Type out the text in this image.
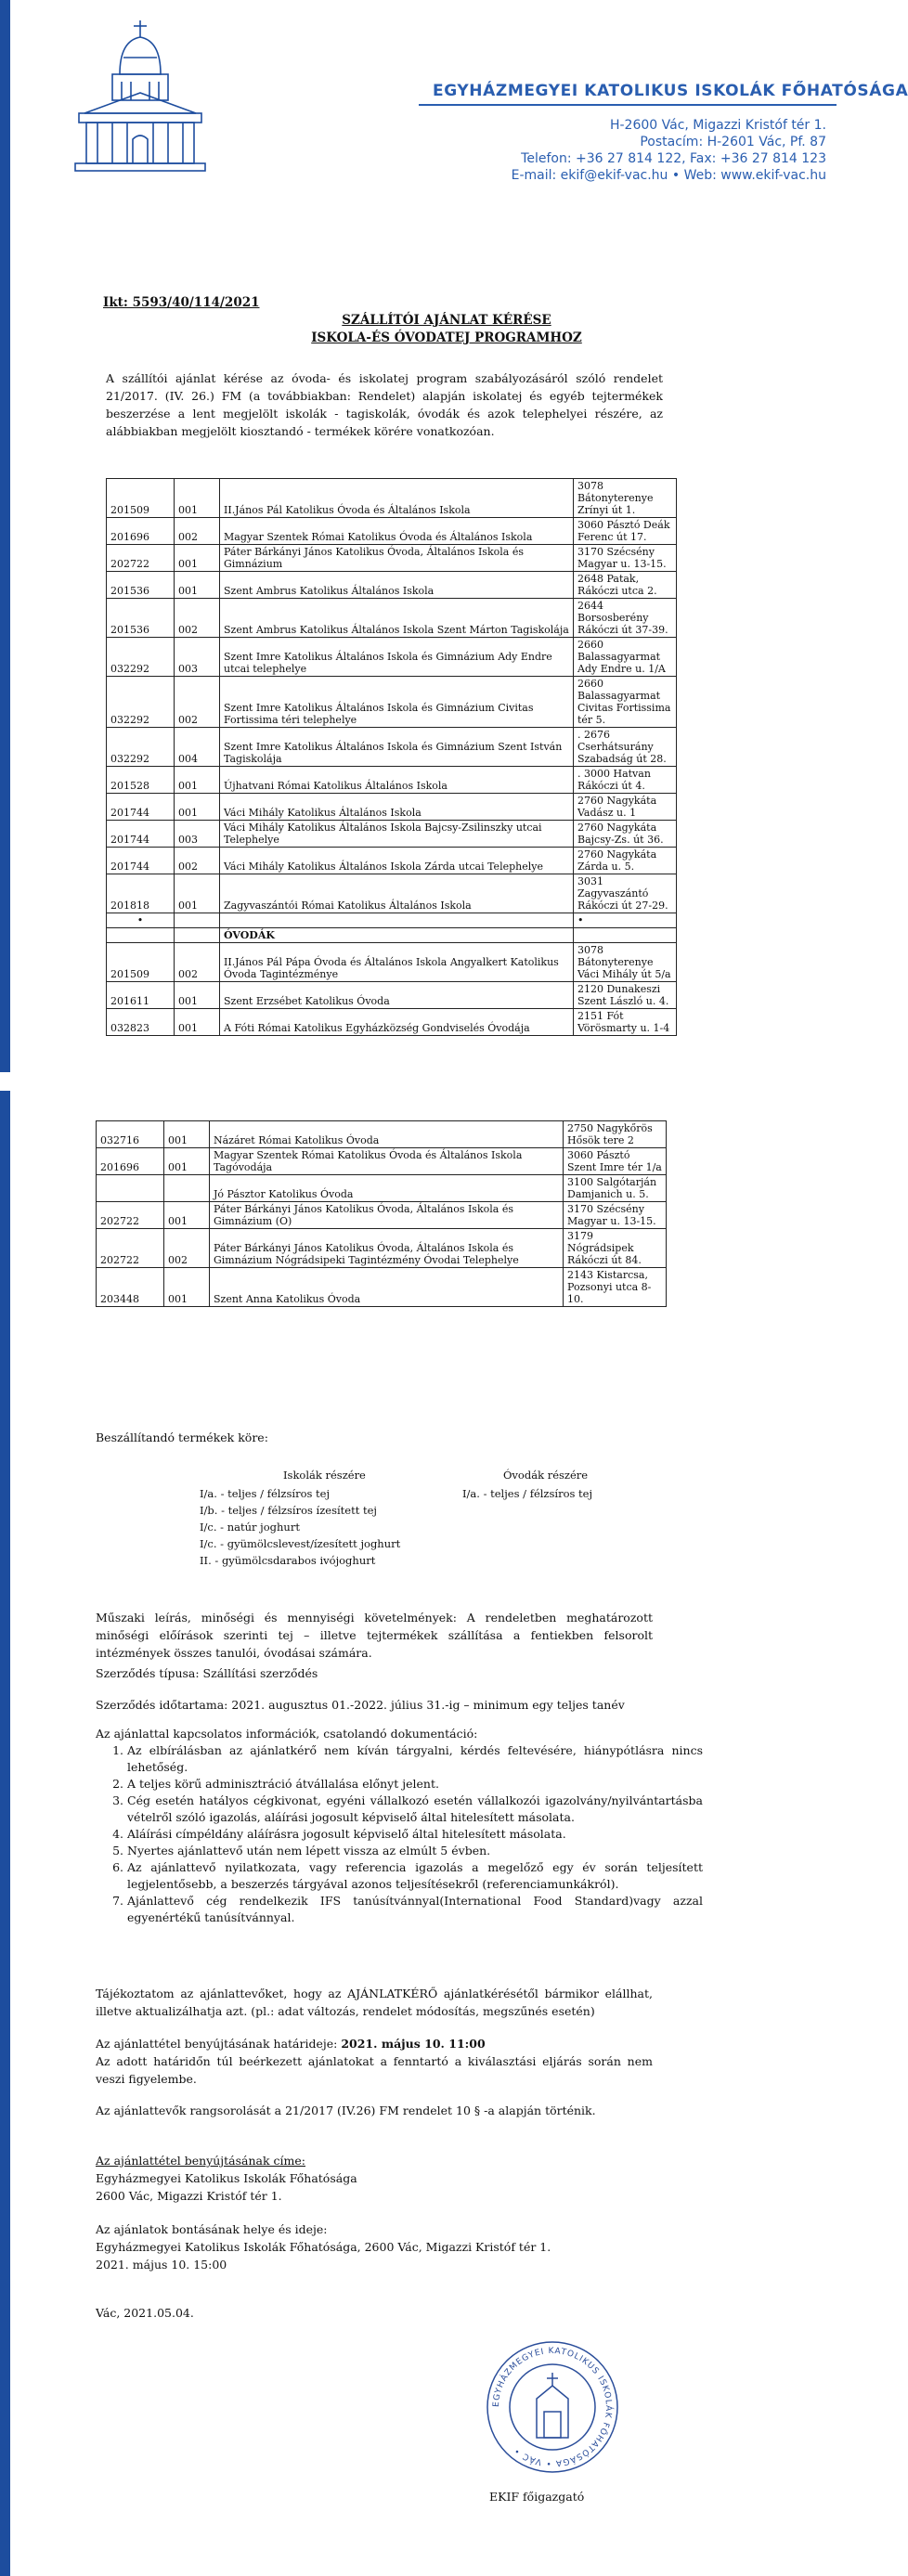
EGYHÁZMEGYEI KATOLIKUS ISKOLÁK FŐHATÓSÁGA
H-2600 Vác, Migazzi Kristóf tér 1.
Postacím: H-2601 Vác, Pf. 87
Telefon: +36 27 814 122, Fax: +36 27 814 123
E-mail: ekif@ekif-vac.hu • Web: www.ekif-vac.hu
Ikt: 5593/40/114/2021
SZÁLLÍTÓI AJÁNLAT KÉRÉSE
ISKOLA-ÉS ÓVODATEJ PROGRAMHOZ
A szállítói ajánlat kérése az óvoda- és iskolatej program szabályozásáról szóló rendelet 21/2017. (IV. 26.) FM (a továbbiakban: Rendelet) alapján iskolatej és egyéb tejtermékek beszerzése a lent megjelölt iskolák - tagiskolák, óvodák és azok telephelyei részére, az alábbiakban megjelölt kiosztandó - termékek körére vonatkozóan.
201509	001	II.János Pál Katolikus Óvoda és Általános Iskola	3078 Bátonyterenye Zrínyi út 1.
201696	002	Magyar Szentek Római Katolikus Óvoda és Általános Iskola	3060 Pásztó Deák Ferenc út 17.
202722	001	Páter Bárkányi János Katolikus Óvoda, Általános Iskola és Gimnázium	3170 Szécsény Magyar u. 13-15.
201536	001	Szent Ambrus Katolikus Általános Iskola	2648 Patak, Rákóczi utca 2.
201536	002	Szent Ambrus Katolikus Általános Iskola Szent Márton Tagiskolája	2644 Borsosberény Rákóczi út 37-39.
032292	003	Szent Imre Katolikus Általános Iskola és Gimnázium Ady Endre utcai telephelye	2660 Balassagyarmat Ady Endre u. 1/A
032292	002	Szent Imre Katolikus Általános Iskola és Gimnázium Civitas Fortissima téri telephelye	2660 Balassagyarmat Civitas Fortissima tér 5.
032292	004	Szent Imre Katolikus Általános Iskola és Gimnázium Szent István Tagiskolája	. 2676 Cserhátsurány Szabadság út 28.
201528	001	Újhatvani Római Katolikus Általános Iskola	. 3000 Hatvan Rákóczi út 4.
201744	001	Váci Mihály Katolikus Általános Iskola	2760 Nagykáta Vadász u. 1
201744	003	Váci Mihály Katolikus Általános Iskola Bajcsy-Zsilinszky utcai Telephelye	2760 Nagykáta Bajcsy-Zs. út 36.
201744	002	Váci Mihály Katolikus Általános Iskola Zárda utcai Telephelye	2760 Nagykáta Zárda u. 5.
201818	001	Zagyvaszántói Római Katolikus Általános Iskola	3031 Zagyvaszántó Rákóczi út 27-29.
•			•
		ÓVODÁK	
201509	002	II.János Pál Pápa Óvoda és Általános Iskola Angyalkert Katolikus Óvoda Tagintézménye	3078 Bátonyterenye Váci Mihály út 5/a
201611	001	Szent Erzsébet Katolikus Óvoda	2120 Dunakeszi Szent László u. 4.
032823	001	A Fóti Római Katolikus Egyházközség Gondviselés Óvodája	2151 Fót Vörösmarty u. 1-4
032716	001	Názáret Római Katolikus Óvoda	2750 Nagykőrös Hősök tere 2
201696	001	Magyar Szentek Római Katolikus Óvoda és Általános Iskola Tagóvodája	3060 Pásztó Szent Imre tér 1/a
		Jó Pásztor Katolikus Óvoda	3100 Salgótarján Damjanich u. 5.
202722	001	Páter Bárkányi János Katolikus Óvoda, Általános Iskola és Gimnázium (O)	3170 Szécsény Magyar u. 13-15.
202722	002	Páter Bárkányi János Katolikus Óvoda, Általános Iskola és Gimnázium Nógrádsipeki Tagintézmény Óvodai Telephelye	3179 Nógrádsipek Rákóczi út 84.
203448	001	Szent Anna Katolikus Óvoda	2143 Kistarcsa, Pozsonyi utca 8-10.
Beszállítandó termékek köre:
Iskolák részére	Óvodák részére
I/a. - teljes / félzsíros tej
I/b. - teljes / félzsíros ízesített tej
I/c. - natúr joghurt
I/c. - gyümölcslevest/ízesített joghurt
II. - gyümölcsdarabos ivójoghurt
I/a. - teljes / félzsíros tej
Műszaki leírás, minőségi és mennyiségi követelmények: A rendeletben meghatározott minőségi előírások szerinti tej – illetve tejtermékek szállítása a fentiekben felsorolt intézmények összes tanulói, óvodásai számára.
Szerződés típusa: Szállítási szerződés
Szerződés időtartama: 2021. augusztus 01.-2022. július 31.-ig – minimum egy teljes tanév
Az ajánlattal kapcsolatos információk, csatolandó dokumentáció:
1. Az elbírálásban az ajánlatkérő nem kíván tárgyalni, kérdés feltevésére, hiánypótlásra nincs lehetőség.
2. A teljes körű adminisztráció átvállalása előnyt jelent.
3. Cég esetén hatályos cégkivonat, egyéni vállalkozó esetén vállalkozói igazolvány/nyilvántartásba vételről szóló igazolás, aláírási jogosult képviselő által hitelesített másolata.
4. Aláírási címpéldány aláírásra jogosult képviselő által hitelesített másolata.
5. Nyertes ajánlattevő után nem lépett vissza az elmúlt 5 évben.
6. Az ajánlattevő nyilatkozata, vagy referencia igazolás a megelőző egy év során teljesített legjelentősebb, a beszerzés tárgyával azonos teljesítésekről (referenciamunkákról).
7. Ajánlattevő cég rendelkezik IFS tanúsítvánnyal(International Food Standard)vagy azzal egyenértékű tanúsítvánnyal.
Tájékoztatom az ajánlattevőket, hogy az AJÁNLATKÉRŐ ajánlatkérésétől bármikor elállhat, illetve aktualizálhatja azt. (pl.: adat változás, rendelet módosítás, megszűnés esetén)
Az ajánlattétel benyújtásának határideje: 2021. május 10. 11:00
Az adott határidőn túl beérkezett ajánlatokat a fenntartó a kiválasztási eljárás során nem veszi figyelembe.
Az ajánlattevők rangsorolását a 21/2017 (IV.26) FM rendelet 10 § -a alapján történik.
Az ajánlattétel benyújtásának címe:
Egyházmegyei Katolikus Iskolák Főhatósága
2600 Vác, Migazzi Kristóf tér 1.
Az ajánlatok bontásának helye és ideje:
Egyházmegyei Katolikus Iskolák Főhatósága, 2600 Vác, Migazzi Kristóf tér 1.
2021. május 10. 15:00
Vác, 2021.05.04.
EGYHÁZMEGYEI KATOLIKUS ISKOLÁK FŐHATÓSÁGA • VÁC •
EKIF főigazgató
